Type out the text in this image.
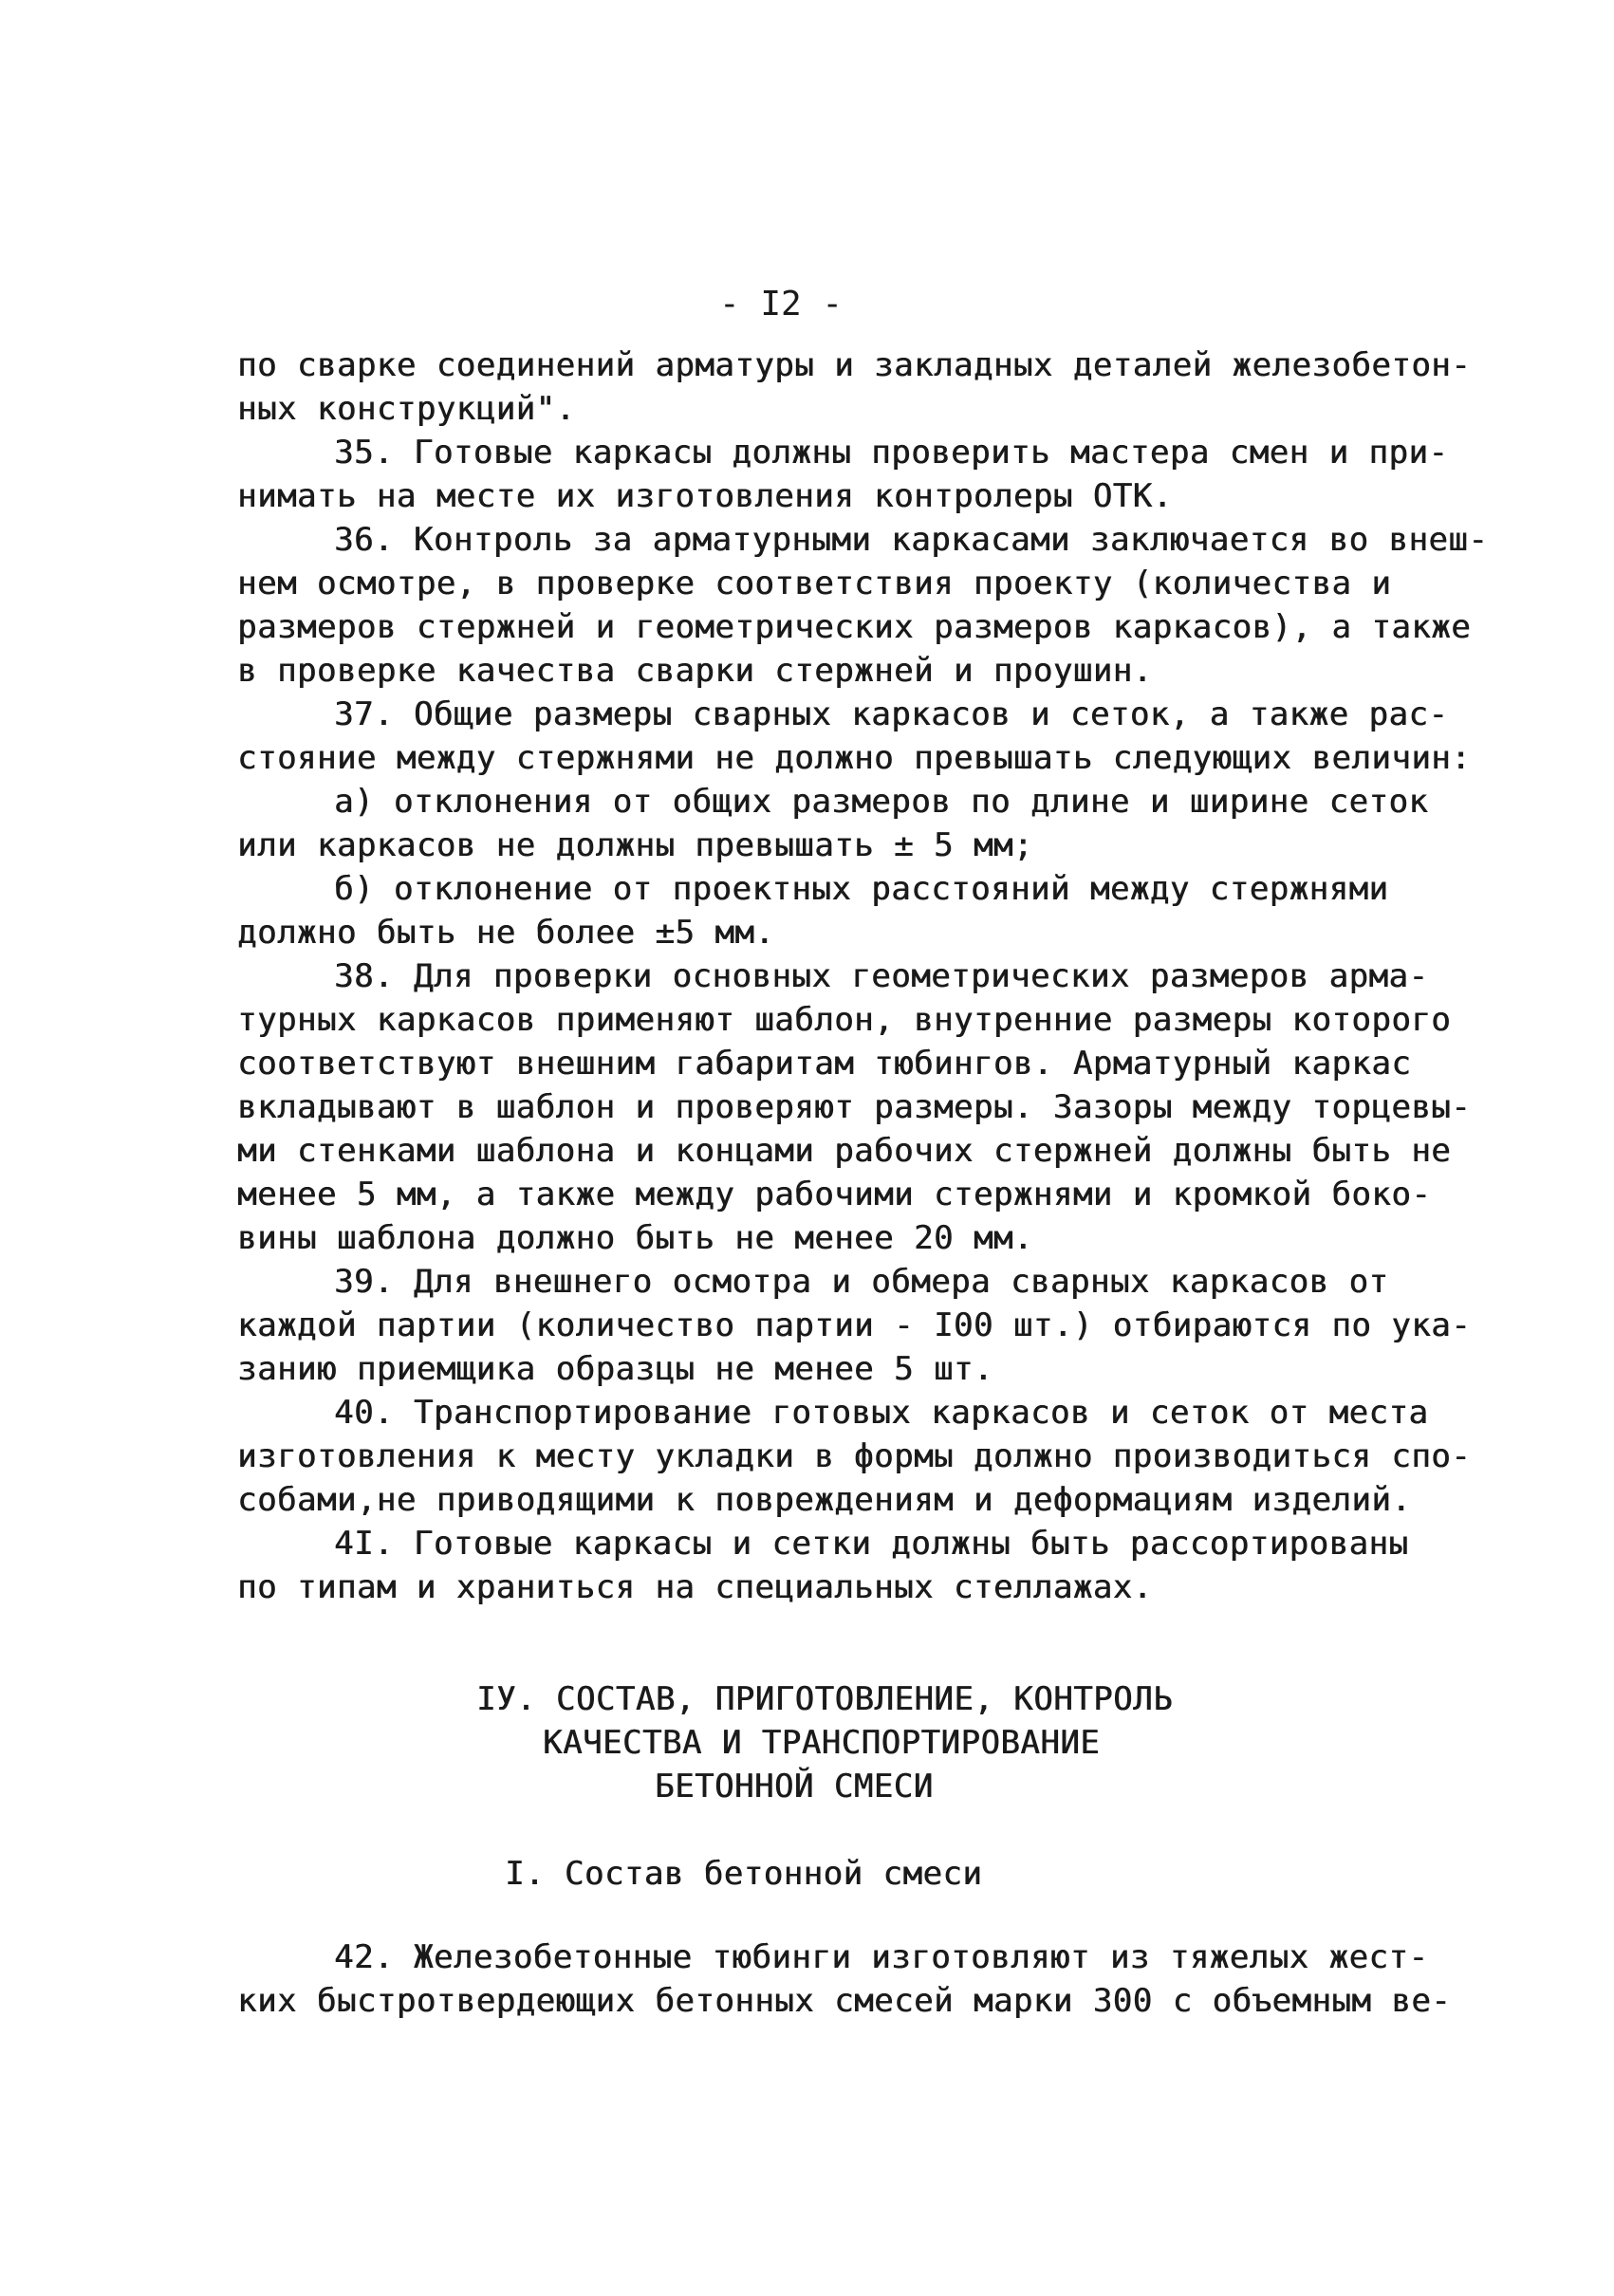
- I2 -
по сварке соединений арматуры и закладных деталей железобетон-
ных конструкций".
35. Готовые каркасы должны проверить мастера смен и при-
нимать на месте их изготовления контролеры ОТК.
36. Контроль за арматурными каркасами заключается во внеш-
нем осмотре, в проверке соответствия проекту (количества и
размеров стержней и геометрических размеров каркасов), а также
в проверке качества сварки стержней и проушин.
37. Общие размеры сварных каркасов и сеток, а также рас-
стояние между стержнями не должно превышать следующих величин:
а) отклонения от общих размеров по длине и ширине сеток
или каркасов не должны превышать ± 5 мм;
б) отклонение от проектных расстояний между стержнями
должно быть не более ±5 мм.
38. Для проверки основных геометрических размеров арма-
турных каркасов применяют шаблон, внутренние размеры которого
соответствуют внешним габаритам тюбингов. Арматурный каркас
вкладывают в шаблон и проверяют размеры. Зазоры между торцевы-
ми стенками шаблона и концами рабочих стержней должны быть не
менее 5 мм, а также между рабочими стержнями и кромкой боко-
вины шаблона должно быть не менее 20 мм.
39. Для внешнего осмотра и обмера сварных каркасов от
каждой партии (количество партии - I00 шт.) отбираются по ука-
занию приемщика образцы не менее 5 шт.
40. Транспортирование готовых каркасов и сеток от места
изготовления к месту укладки в формы должно производиться спо-
собами,не приводящими к повреждениям и деформациям изделий.
4I. Готовые каркасы и сетки должны быть рассортированы
по типам и храниться на специальных стеллажах.
IУ. СОСТАВ, ПРИГОТОВЛЕНИЕ, КОНТРОЛЬ
КАЧЕСТВА И ТРАНСПОРТИРОВАНИЕ
БЕТОННОЙ СМЕСИ
I. Состав бетонной смеси
42. Железобетонные тюбинги изготовляют из тяжелых жест-
ких быстротвердеющих бетонных смесей марки 300 с объемным ве-
